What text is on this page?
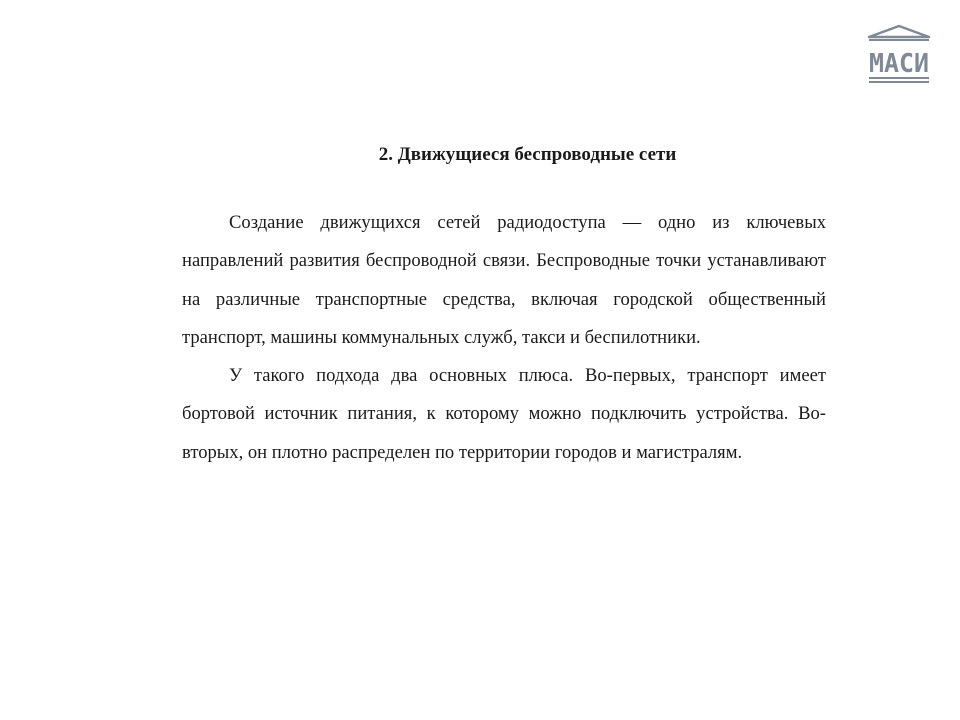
МАСИ
2. Движущиеся беспроводные сети

Создание движущихся сетей радиодоступа — одно из ключевых направлений развития беспроводной связи. Беспроводные точки устанавливают на различные транспортные средства, включая городской общественный транспорт, машины коммунальных служб, такси и беспилотники.

У такого подхода два основных плюса. Во-первых, транспорт имеет бортовой источник питания, к которому можно подключить устройства. Во-вторых, он плотно распределен по территории городов и магистралям.
